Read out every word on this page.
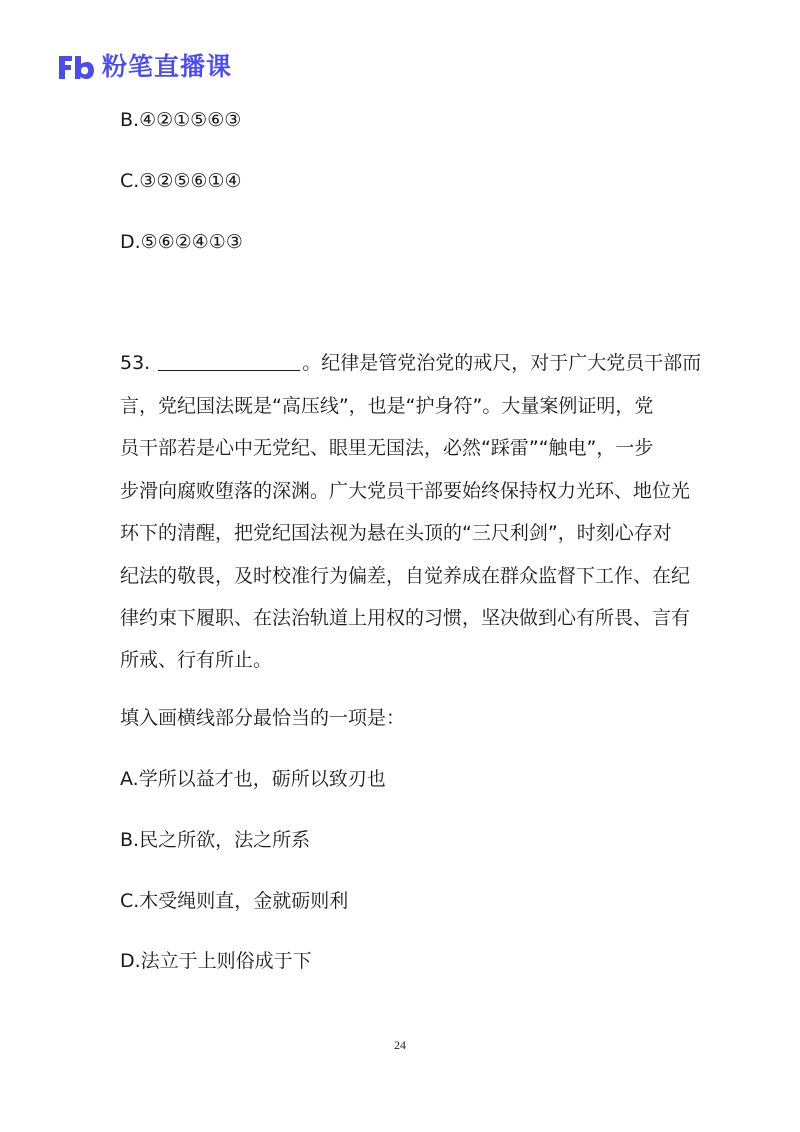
粉笔直播课
B.④②①⑤⑥③
C.③②⑤⑥①④
D.⑤⑥②④①③
53.	。纪律是管党治党的戒尺，对于广大党员干部而
言，党纪国法既是“高压线”，也是“护身符”。大量案例证明，党
员干部若是心中无党纪、眼里无国法，必然“踩雷”“触电”，一步
步滑向腐败堕落的深渊。广大党员干部要始终保持权力光环、地位光
环下的清醒，把党纪国法视为悬在头顶的“三尺利剑”，时刻心存对
纪法的敬畏，及时校准行为偏差，自觉养成在群众监督下工作、在纪
律约束下履职、在法治轨道上用权的习惯，坚决做到心有所畏、言有
所戒、行有所止。
填入画横线部分最恰当的一项是：
A.学所以益才也，砺所以致刃也
B.民之所欲，法之所系
C.木受绳则直，金就砺则利
D.法立于上则俗成于下
24
